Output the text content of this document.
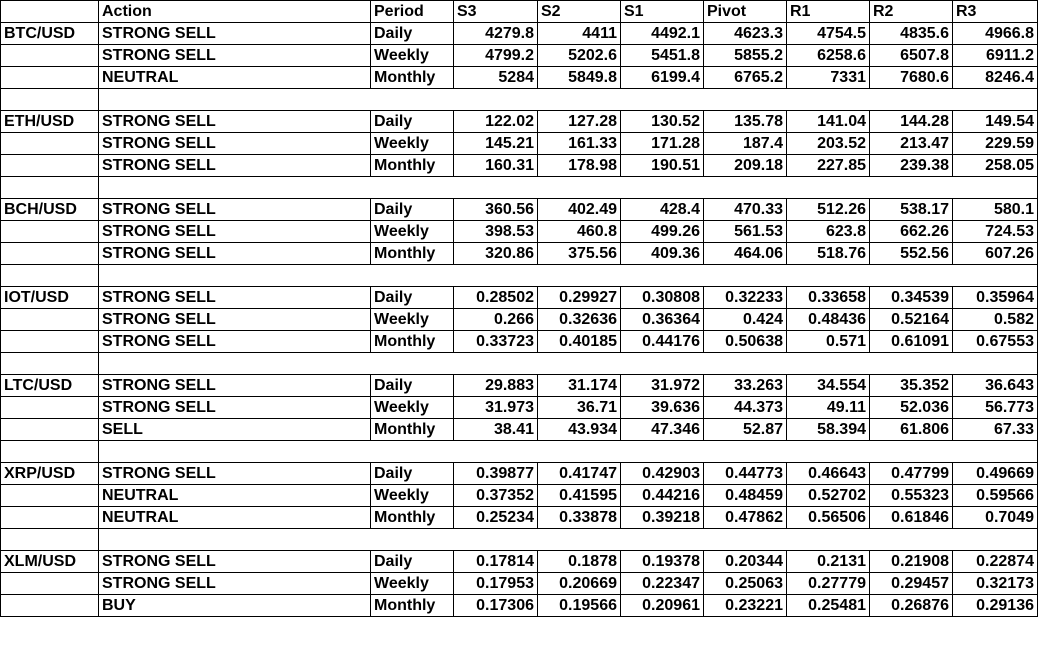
	Action	Period	S3	S2	S1	Pivot	R1	R2	R3
BTC/USD	STRONG SELL	Daily	4279.8	4411	4492.1	4623.3	4754.5	4835.6	4966.8
	STRONG SELL	Weekly	4799.2	5202.6	5451.8	5855.2	6258.6	6507.8	6911.2
	NEUTRAL	Monthly	5284	5849.8	6199.4	6765.2	7331	7680.6	8246.4

ETH/USD	STRONG SELL	Daily	122.02	127.28	130.52	135.78	141.04	144.28	149.54
	STRONG SELL	Weekly	145.21	161.33	171.28	187.4	203.52	213.47	229.59
	STRONG SELL	Monthly	160.31	178.98	190.51	209.18	227.85	239.38	258.05

BCH/USD	STRONG SELL	Daily	360.56	402.49	428.4	470.33	512.26	538.17	580.1
	STRONG SELL	Weekly	398.53	460.8	499.26	561.53	623.8	662.26	724.53
	STRONG SELL	Monthly	320.86	375.56	409.36	464.06	518.76	552.56	607.26

IOT/USD	STRONG SELL	Daily	0.28502	0.29927	0.30808	0.32233	0.33658	0.34539	0.35964
	STRONG SELL	Weekly	0.266	0.32636	0.36364	0.424	0.48436	0.52164	0.582
	STRONG SELL	Monthly	0.33723	0.40185	0.44176	0.50638	0.571	0.61091	0.67553

LTC/USD	STRONG SELL	Daily	29.883	31.174	31.972	33.263	34.554	35.352	36.643
	STRONG SELL	Weekly	31.973	36.71	39.636	44.373	49.11	52.036	56.773
	SELL	Monthly	38.41	43.934	47.346	52.87	58.394	61.806	67.33

XRP/USD	STRONG SELL	Daily	0.39877	0.41747	0.42903	0.44773	0.46643	0.47799	0.49669
	NEUTRAL	Weekly	0.37352	0.41595	0.44216	0.48459	0.52702	0.55323	0.59566
	NEUTRAL	Monthly	0.25234	0.33878	0.39218	0.47862	0.56506	0.61846	0.7049

XLM/USD	STRONG SELL	Daily	0.17814	0.1878	0.19378	0.20344	0.2131	0.21908	0.22874
	STRONG SELL	Weekly	0.17953	0.20669	0.22347	0.25063	0.27779	0.29457	0.32173
	BUY	Monthly	0.17306	0.19566	0.20961	0.23221	0.25481	0.26876	0.29136
